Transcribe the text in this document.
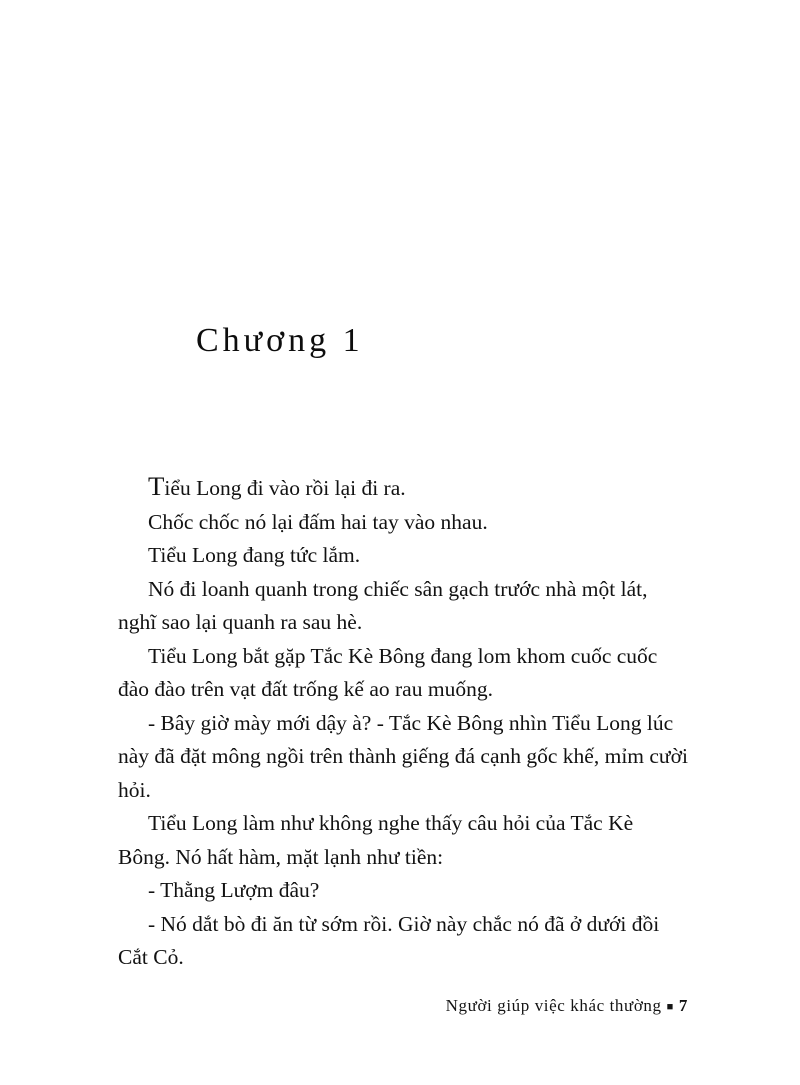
Chương 1

Tiểu Long đi vào rồi lại đi ra.

Chốc chốc nó lại đấm hai tay vào nhau.

Tiểu Long đang tức lắm.

Nó đi loanh quanh trong chiếc sân gạch trước nhà một lát, nghĩ sao lại quanh ra sau hè.

Tiểu Long bắt gặp Tắc Kè Bông đang lom khom cuốc cuốc đào đào trên vạt đất trống kế ao rau muống.

- Bây giờ mày mới dậy à? - Tắc Kè Bông nhìn Tiểu Long lúc này đã đặt mông ngồi trên thành giếng đá cạnh gốc khế, mỉm cười hỏi.

Tiểu Long làm như không nghe thấy câu hỏi của Tắc Kè Bông. Nó hất hàm, mặt lạnh như tiền:

- Thằng Lượm đâu?

- Nó dắt bò đi ăn từ sớm rồi. Giờ này chắc nó đã ở dưới đồi Cắt Cỏ.

Người giúp việc khác thường ■ 7
